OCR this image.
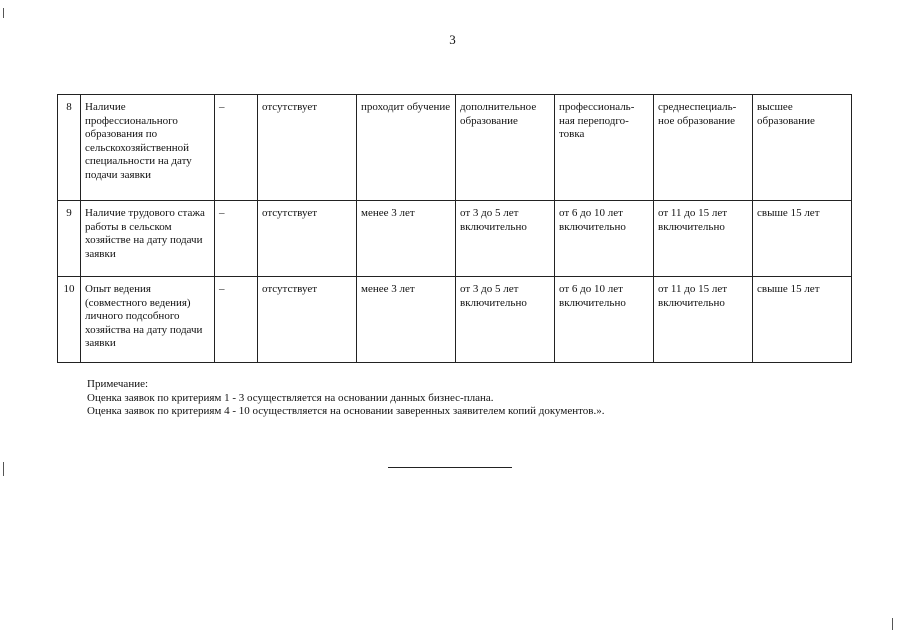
3
8	Наличие профессионального образования по сельскохозяйственной специальности на дату подачи заявки	–	отсутствует	проходит обучение	дополнительное образование	профессиональ-ная переподго-товка	среднеспециаль-ное образование	высшее образование
9	Наличие трудового стажа работы в сельском хозяйстве на дату подачи заявки	–	отсутствует	менее 3 лет	от 3 до 5 лет включительно	от 6 до 10 лет включительно	от 11 до 15 лет включительно	свыше 15 лет
10	Опыт ведения (совместного ведения) личного подсобного хозяйства на дату подачи заявки	–	отсутствует	менее 3 лет	от 3 до 5 лет включительно	от 6 до 10 лет включительно	от 11 до 15 лет включительно	свыше 15 лет
Примечание:
Оценка заявок по критериям 1 - 3 осуществляется на основании данных бизнес-плана.
Оценка заявок по критериям 4 - 10 осуществляется на основании заверенных заявителем копий документов.».
